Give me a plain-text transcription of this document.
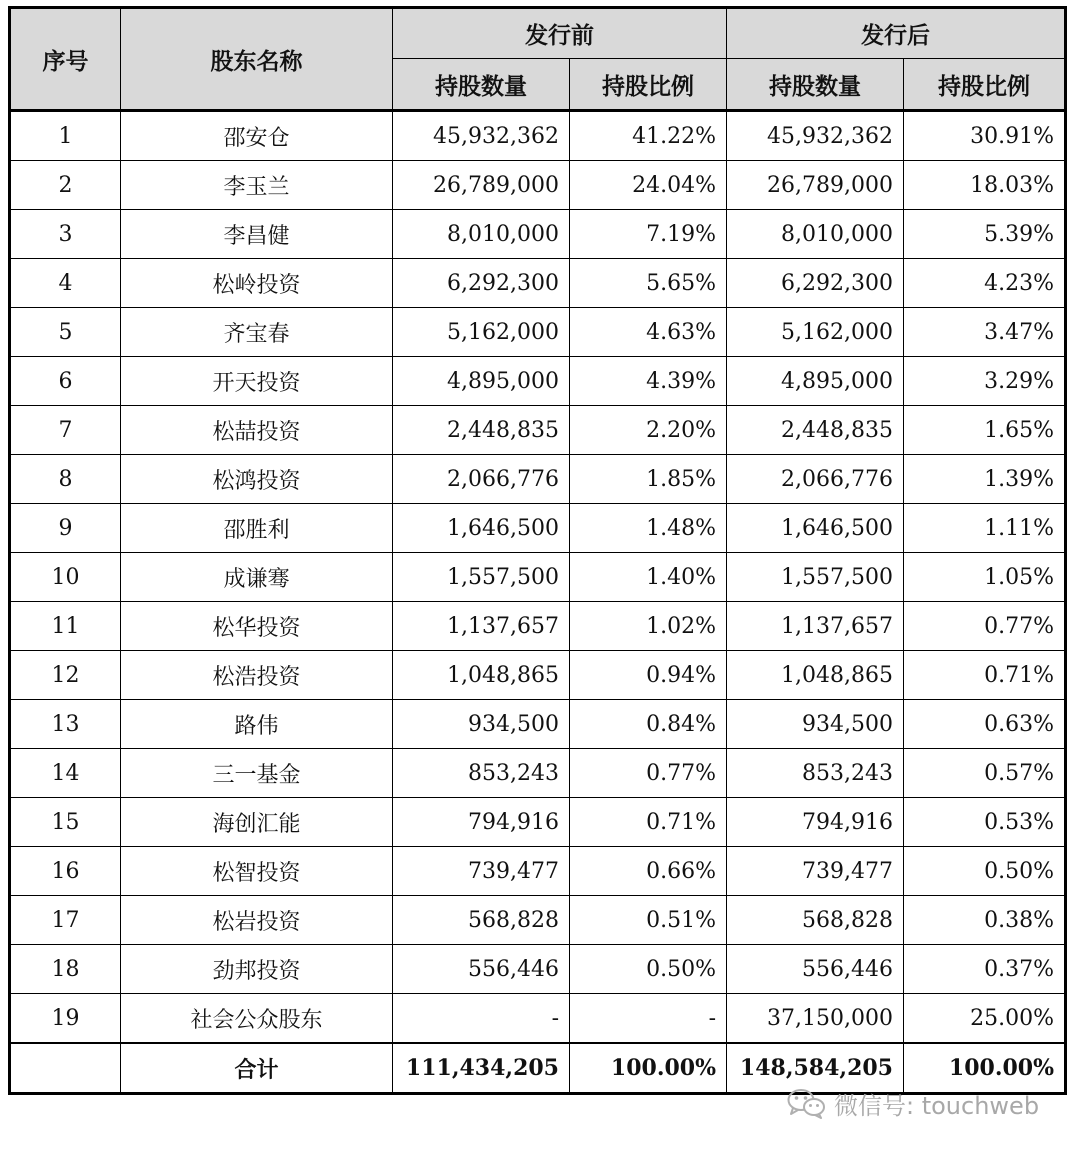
序号	股东名称	发行前		发行后	
		持股数量	持股比例	持股数量	持股比例
1	邵安仓	45,932,362	41.22%	45,932,362	30.91%
2	李玉兰	26,789,000	24.04%	26,789,000	18.03%
3	李昌健	8,010,000	7.19%	8,010,000	5.39%
4	松岭投资	6,292,300	5.65%	6,292,300	4.23%
5	齐宝春	5,162,000	4.63%	5,162,000	3.47%
6	开天投资	4,895,000	4.39%	4,895,000	3.29%
7	松喆投资	2,448,835	2.20%	2,448,835	1.65%
8	松鸿投资	2,066,776	1.85%	2,066,776	1.39%
9	邵胜利	1,646,500	1.48%	1,646,500	1.11%
10	成谦骞	1,557,500	1.40%	1,557,500	1.05%
11	松华投资	1,137,657	1.02%	1,137,657	0.77%
12	松浩投资	1,048,865	0.94%	1,048,865	0.71%
13	路伟	934,500	0.84%	934,500	0.63%
14	三一基金	853,243	0.77%	853,243	0.57%
15	海创汇能	794,916	0.71%	794,916	0.53%
16	松智投资	739,477	0.66%	739,477	0.50%
17	松岩投资	568,828	0.51%	568,828	0.38%
18	劲邦投资	556,446	0.50%	556,446	0.37%
19	社会公众股东	-	-	37,150,000	25.00%
	合计	111,434,205	100.00%	148,584,205	100.00%
微信号: touchweb
